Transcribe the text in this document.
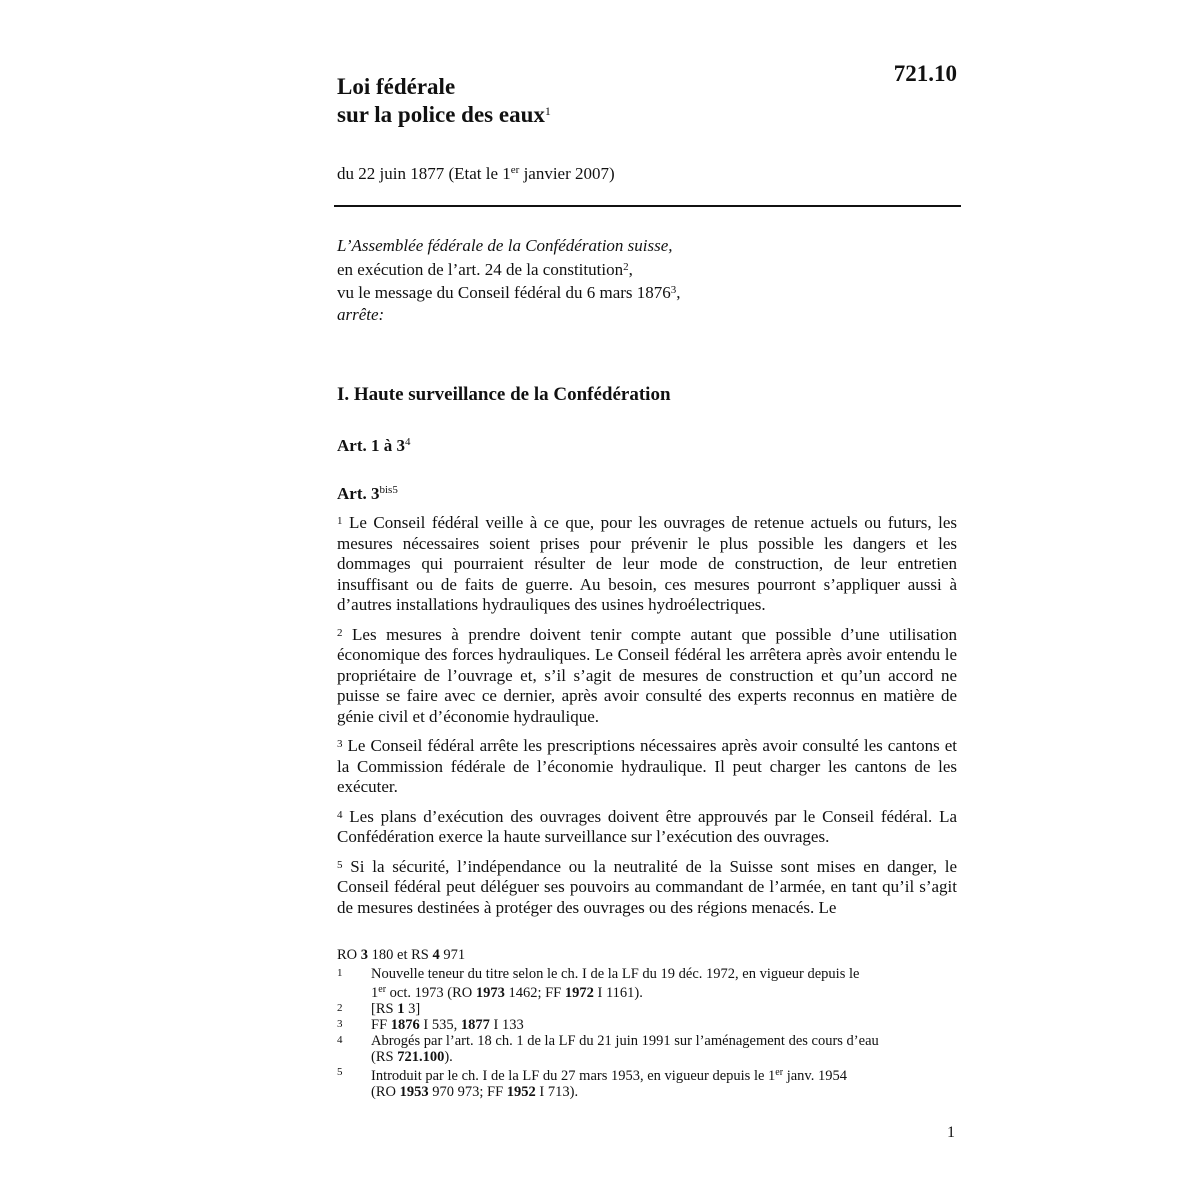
721.10
Loi fédérale
sur la police des eaux$^1$
du 22 juin 1877 (Etat le 1er janvier 2007)
L’Assemblée fédérale de la Confédération suisse,
en exécution de l’art. 24 de la constitution$^2$,
vu le message du Conseil fédéral du 6 mars 1876$^3$,
arrête:
I. Haute surveillance de la Confédération
Art. 1 à $3^4$
Art. $3^{bis5}$

$^1$ Le Conseil fédéral veille à ce que, pour les ouvrages de retenue actuels ou futurs, les mesures nécessaires soient prises pour prévenir le plus possible les dangers et les dommages qui pourraient résulter de leur mode de construction, de leur entretien insuffisant ou de faits de guerre. Au besoin, ces mesures pourront s’appliquer aussi à d’autres installations hydrauliques des usines hydroélectriques.

$^2$ Les mesures à prendre doivent tenir compte autant que possible d’une utilisation économique des forces hydrauliques. Le Conseil fédéral les arrêtera après avoir entendu le propriétaire de l’ouvrage et, s’il s’agit de mesures de construction et qu’un accord ne puisse se faire avec ce dernier, après avoir consulté des experts reconnus en matière de génie civil et d’économie hydraulique.

$^3$ Le Conseil fédéral arrête les prescriptions nécessaires après avoir consulté les cantons et la Commission fédérale de l’économie hydraulique. Il peut charger les cantons de les exécuter.

$^4$ Les plans d’exécution des ouvrages doivent être approuvés par le Conseil fédéral. La Confédération exerce la haute surveillance sur l’exécution des ouvrages.

$^5$ Si la sécurité, l’indépendance ou la neutralité de la Suisse sont mises en danger, le Conseil fédéral peut déléguer ses pouvoirs au commandant de l’armée, en tant qu’il s’agit de mesures destinées à protéger des ouvrages ou des régions menacés. Le

RO 3 180 et RS 4 971
1 Nouvelle teneur du titre selon le ch. I de la LF du 19 déc. 1972, en vigueur depuis le
1er oct. 1973 (RO 1973 1462; FF 1972 I 1161).
2 [RS 1 3]
3 FF 1876 I 535, 1877 I 133
4 Abrogés par l’art. 18 ch. 1 de la LF du 21 juin 1991 sur l’aménagement des cours d’eau
(RS 721.100).
5 Introduit par le ch. I de la LF du 27 mars 1953, en vigueur depuis le 1er janv. 1954
(RO 1953 970 973; FF 1952 I 713).
1
